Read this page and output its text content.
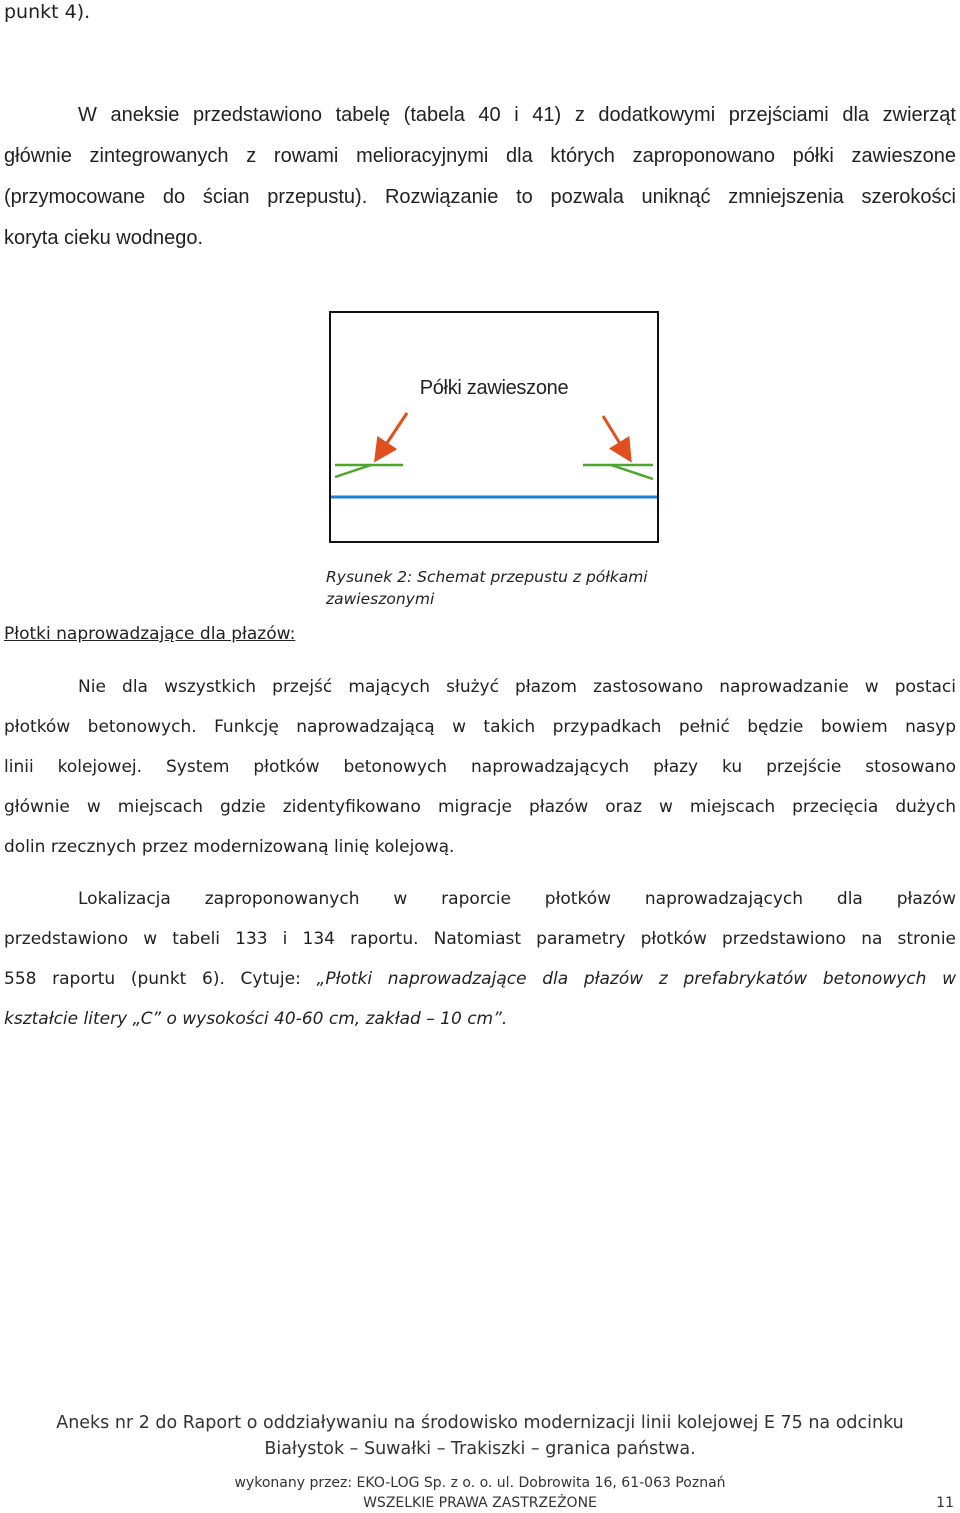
punkt 4).
W aneksie przedstawiono tabelę (tabela 40 i 41) z dodatkowymi przejściami dla zwierząt
głównie zintegrowanych z rowami melioracyjnymi dla których zaproponowano półki zawieszone
(przymocowane do ścian przepustu). Rozwiązanie to pozwala uniknąć zmniejszenia szerokości
koryta cieku wodnego.
Półki zawieszone
Rysunek 2: Schemat przepustu z półkami
zawieszonymi
Płotki naprowadzające dla płazów:
Nie dla wszystkich przejść mających służyć płazom zastosowano naprowadzanie w postaci
płotków betonowych. Funkcję naprowadzającą w takich przypadkach pełnić będzie bowiem nasyp
linii kolejowej. System płotków betonowych naprowadzających płazy ku przejście stosowano
głównie w miejscach gdzie zidentyfikowano migracje płazów oraz w miejscach przecięcia dużych
dolin rzecznych przez modernizowaną linię kolejową.
Lokalizacja zaproponowanych w raporcie płotków naprowadzających dla płazów
przedstawiono w tabeli 133 i 134 raportu. Natomiast parametry płotków przedstawiono na stronie
558 raportu (punkt 6). Cytuje: „Płotki naprowadzające dla płazów z prefabrykatów betonowych w
kształcie litery „C” o wysokości 40-60 cm, zakład – 10 cm”.
Aneks nr 2 do Raport o oddziaływaniu na środowisko modernizacji linii kolejowej E 75 na odcinku
Białystok – Suwałki – Trakiszki – granica państwa.
wykonany przez: EKO-LOG Sp. z o. o. ul. Dobrowita 16, 61-063 Poznań
WSZELKIE PRAWA ZASTRZEŻONE	11
